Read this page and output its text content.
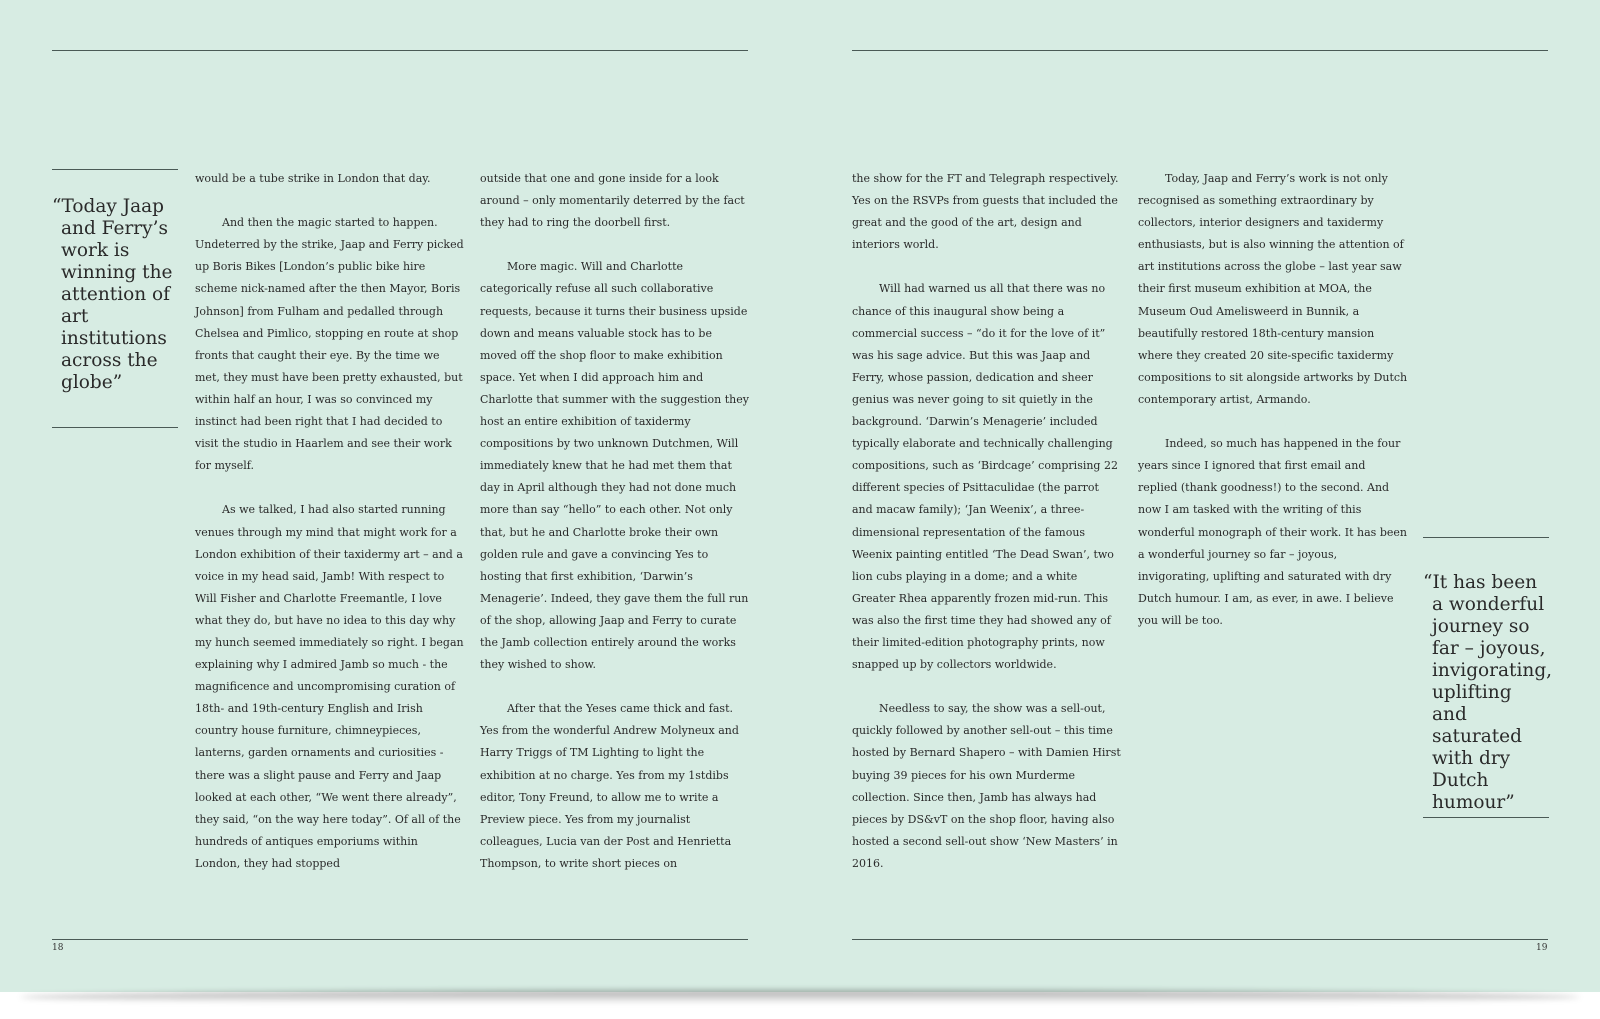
“Today Jaap and Ferry’s work is winning the attention of art institutions across the globe”

would be a tube strike in London that day.

And then the magic started to happen. Undeterred by the strike, Jaap and Ferry picked up Boris Bikes [London’s public bike hire scheme nick-named after the then Mayor, Boris Johnson] from Fulham and pedalled through Chelsea and Pimlico, stopping en route at shop fronts that caught their eye. By the time we met, they must have been pretty exhausted, but within half an hour, I was so convinced my instinct had been right that I had decided to visit the studio in Haarlem and see their work for myself.

As we talked, I had also started running venues through my mind that might work for a London exhibition of their taxidermy art – and a voice in my head said, Jamb! With respect to Will Fisher and Charlotte Freemantle, I love what they do, but have no idea to this day why my hunch seemed immediately so right. I began explaining why I admired Jamb so much - the magnificence and uncompromising curation of 18th- and 19th-century English and Irish country house furniture, chimneypieces, lanterns, garden ornaments and curiosities - there was a slight pause and Ferry and Jaap looked at each other, “We went there already”, they said, “on the way here today”. Of all of the hundreds of antiques emporiums within London, they had stopped

outside that one and gone inside for a look around – only momentarily deterred by the fact they had to ring the doorbell first.

More magic. Will and Charlotte categorically refuse all such collaborative requests, because it turns their business upside down and means valuable stock has to be moved off the shop floor to make exhibition space. Yet when I did approach him and Charlotte that summer with the suggestion they host an entire exhibition of taxidermy compositions by two unknown Dutchmen, Will immediately knew that he had met them that day in April although they had not done much more than say “hello” to each other. Not only that, but he and Charlotte broke their own golden rule and gave a convincing Yes to hosting that first exhibition, ‘Darwin’s Menagerie’. Indeed, they gave them the full run of the shop, allowing Jaap and Ferry to curate the Jamb collection entirely around the works they wished to show.

After that the Yeses came thick and fast. Yes from the wonderful Andrew Molyneux and Harry Triggs of TM Lighting to light the exhibition at no charge. Yes from my 1stdibs editor, Tony Freund, to allow me to write a Preview piece. Yes from my journalist colleagues, Lucia van der Post and Henrietta Thompson, to write short pieces on

the show for the FT and Telegraph respectively. Yes on the RSVPs from guests that included the great and the good of the art, design and interiors world.

Will had warned us all that there was no chance of this inaugural show being a commercial success – “do it for the love of it” was his sage advice. But this was Jaap and Ferry, whose passion, dedication and sheer genius was never going to sit quietly in the background. ‘Darwin’s Menagerie’ included typically elaborate and technically challenging compositions, such as ‘Birdcage’ comprising 22 different species of Psittaculidae (the parrot and macaw family); ‘Jan Weenix’, a three-dimensional representation of the famous Weenix painting entitled ‘The Dead Swan’, two lion cubs playing in a dome; and a white Greater Rhea apparently frozen mid-run. This was also the first time they had showed any of their limited-edition photography prints, now snapped up by collectors worldwide.

Needless to say, the show was a sell-out, quickly followed by another sell-out – this time hosted by Bernard Shapero – with Damien Hirst buying 39 pieces for his own Murderme collection. Since then, Jamb has always had pieces by DS&vT on the shop floor, having also hosted a second sell-out show ‘New Masters’ in 2016.

Today, Jaap and Ferry’s work is not only recognised as something extraordinary by collectors, interior designers and taxidermy enthusiasts, but is also winning the attention of art institutions across the globe – last year saw their first museum exhibition at MOA, the Museum Oud Amelisweerd in Bunnik, a beautifully restored 18th-century mansion where they created 20 site-specific taxidermy compositions to sit alongside artworks by Dutch contemporary artist, Armando.

Indeed, so much has happened in the four years since I ignored that first email and replied (thank goodness!) to the second. And now I am tasked with the writing of this wonderful monograph of their work. It has been a wonderful journey so far – joyous, invigorating, uplifting and saturated with dry Dutch humour. I am, as ever, in awe. I believe you will be too.

“It has been a wonderful journey so far – joyous, invigorating, uplifting and saturated with dry Dutch humour”
18	19
